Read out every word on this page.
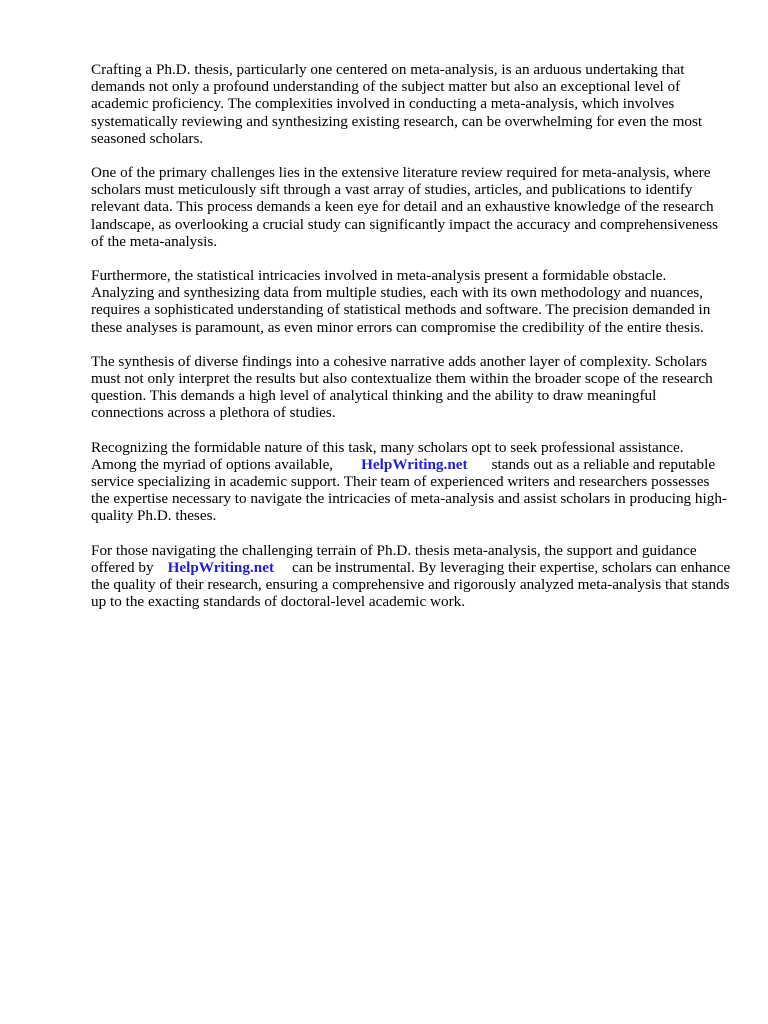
Crafting a Ph.D. thesis, particularly one centered on meta-analysis, is an arduous undertaking that demands not only a profound understanding of the subject matter but also an exceptional level of academic proficiency. The complexities involved in conducting a meta-analysis, which involves systematically reviewing and synthesizing existing research, can be overwhelming for even the most seasoned scholars.

One of the primary challenges lies in the extensive literature review required for meta-analysis, where scholars must meticulously sift through a vast array of studies, articles, and publications to identify relevant data. This process demands a keen eye for detail and an exhaustive knowledge of the research landscape, as overlooking a crucial study can significantly impact the accuracy and comprehensiveness of the meta-analysis.

Furthermore, the statistical intricacies involved in meta-analysis present a formidable obstacle. Analyzing and synthesizing data from multiple studies, each with its own methodology and nuances, requires a sophisticated understanding of statistical methods and software. The precision demanded in these analyses is paramount, as even minor errors can compromise the credibility of the entire thesis.

The synthesis of diverse findings into a cohesive narrative adds another layer of complexity. Scholars must not only interpret the results but also contextualize them within the broader scope of the research question. This demands a high level of analytical thinking and the ability to draw meaningful connections across a plethora of studies.

Recognizing the formidable nature of this task, many scholars opt to seek professional assistance. Among the myriad of options available, HelpWriting.net stands out as a reliable and reputable service specializing in academic support. Their team of experienced writers and researchers possesses the expertise necessary to navigate the intricacies of meta-analysis and assist scholars in producing high-quality Ph.D. theses.

For those navigating the challenging terrain of Ph.D. thesis meta-analysis, the support and guidance offered by HelpWriting.net can be instrumental. By leveraging their expertise, scholars can enhance the quality of their research, ensuring a comprehensive and rigorously analyzed meta-analysis that stands up to the exacting standards of doctoral-level academic work.
